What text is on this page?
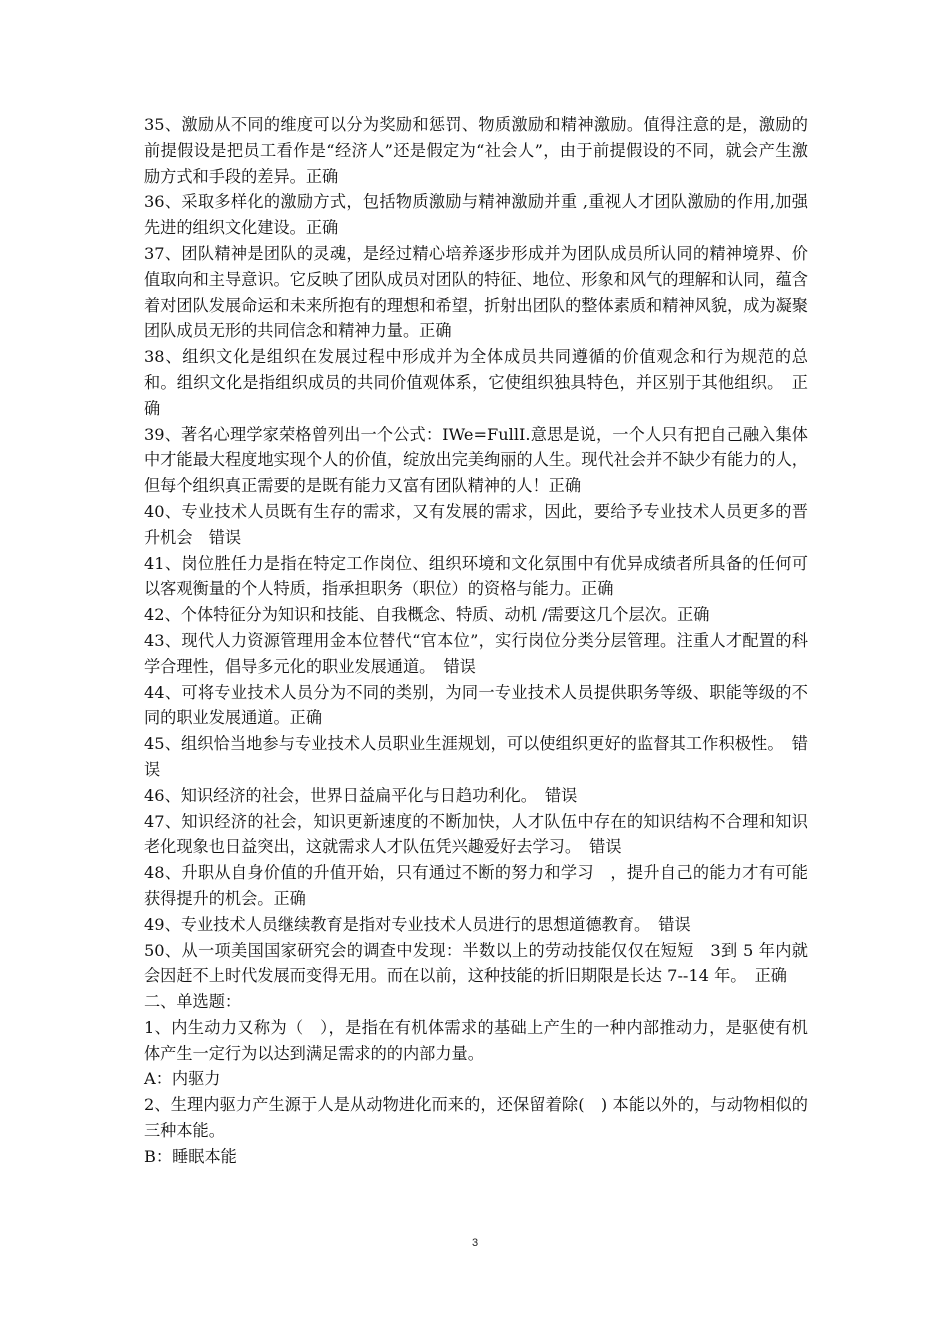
35、激励从不同的维度可以分为奖励和惩罚、物质激励和精神激励。值得注意的是，激励的前提假设是把员工看作是“经济人”还是假定为“社会人”，由于前提假设的不同，就会产生激励方式和手段的差异。正确

36、采取多样化的激励方式，包括物质激励与精神激励并重 ,重视人才团队激励的作用,加强先进的组织文化建设。正确

37、团队精神是团队的灵魂，是经过精心培养逐步形成并为团队成员所认同的精神境界、价值取向和主导意识。它反映了团队成员对团队的特征、地位、形象和风气的理解和认同，蕴含着对团队发展命运和未来所抱有的理想和希望，折射出团队的整体素质和精神风貌，成为凝聚团队成员无形的共同信念和精神力量。正确

38、组织文化是组织在发展过程中形成并为全体成员共同遵循的价值观念和行为规范的总和。组织文化是指组织成员的共同价值观体系，它使组织独具特色，并区别于其他组织。　正确

39、著名心理学家荣格曾列出一个公式：IWe=FullI.意思是说，一个人只有把自己融入集体中才能最大程度地实现个人的价值，绽放出完美绚丽的人生。现代社会并不缺少有能力的人，但每个组织真正需要的是既有能力又富有团队精神的人！正确

40、专业技术人员既有生存的需求，又有发展的需求，因此，要给予专业技术人员更多的晋升机会　错误

41、岗位胜任力是指在特定工作岗位、组织环境和文化氛围中有优异成绩者所具备的任何可以客观衡量的个人特质，指承担职务（职位）的资格与能力。正确

42、个体特征分为知识和技能、自我概念、特质、动机 /需要这几个层次。正确

43、现代人力资源管理用金本位替代“官本位”，实行岗位分类分层管理。注重人才配置的科学合理性，倡导多元化的职业发展通道。　错误

44、可将专业技术人员分为不同的类别，为同一专业技术人员提供职务等级、职能等级的不同的职业发展通道。正确

45、组织恰当地参与专业技术人员职业生涯规划，可以使组织更好的监督其工作积极性。　错误

46、知识经济的社会，世界日益扁平化与日趋功利化。　错误

47、知识经济的社会，知识更新速度的不断加快，人才队伍中存在的知识结构不合理和知识老化现象也日益突出，这就需求人才队伍凭兴趣爱好去学习。　错误

48、升职从自身价值的升值开始，只有通过不断的努力和学习　，提升自己的能力才有可能获得提升的机会。正确

49、专业技术人员继续教育是指对专业技术人员进行的思想道德教育。　错误

50、从一项美国国家研究会的调查中发现：半数以上的劳动技能仅仅在短短　3到 5 年内就会因赶不上时代发展而变得无用。而在以前，这种技能的折旧期限是长达 7--14 年。　正确

二、单选题：

1、内生动力又称为（　），是指在有机体需求的基础上产生的一种内部推动力，是驱使有机体产生一定行为以达到满足需求的的内部力量。

A：内驱力

2、生理内驱力产生源于人是从动物进化而来的，还保留着除(　) 本能以外的，与动物相似的三种本能。

B：睡眠本能

3
